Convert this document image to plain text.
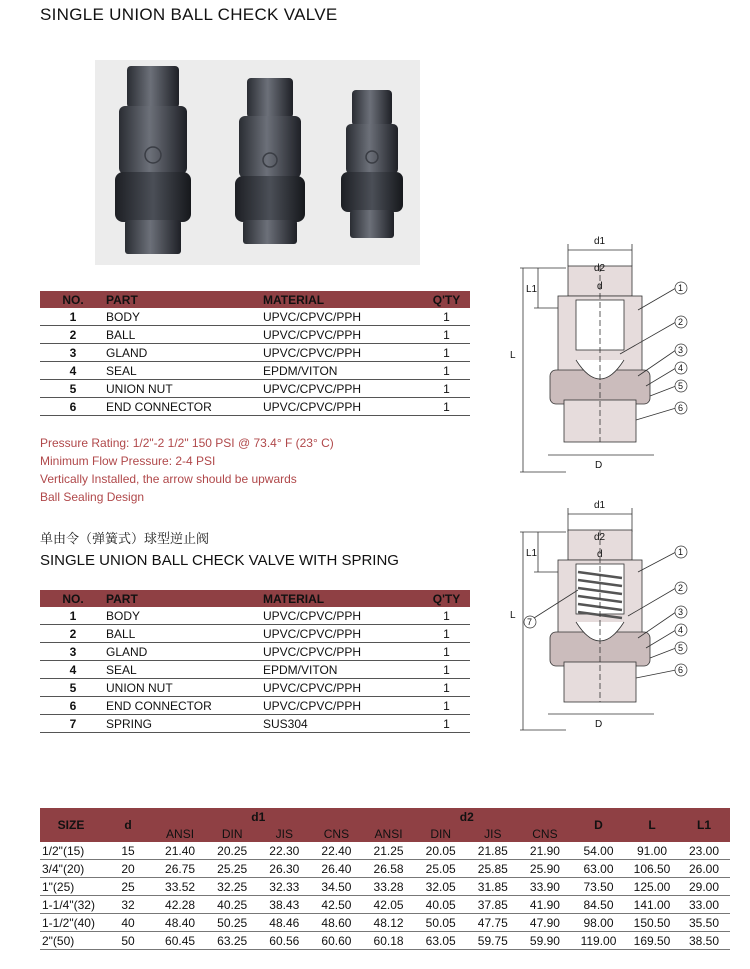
SINGLE UNION BALL CHECK VALVE
NO.	PART	MATERIAL	Q'TY
1	BODY	UPVC/CPVC/PPH	1
2	BALL	UPVC/CPVC/PPH	1
3	GLAND	UPVC/CPVC/PPH	1
4	SEAL	EPDM/VITON	1
5	UNION NUT	UPVC/CPVC/PPH	1
6	END CONNECTOR	UPVC/CPVC/PPH	1
Pressure Rating: 1/2"-2 1/2" 150 PSI @ 73.4° F (23° C)
Minimum Flow Pressure: 2-4 PSI
Vertically Installed, the arrow should be upwards
Ball Sealing Design
单由令（弹簧式）球型逆止阀
SINGLE UNION BALL CHECK VALVE WITH SPRING
NO.	PART	MATERIAL	Q'TY
1	BODY	UPVC/CPVC/PPH	1
2	BALL	UPVC/CPVC/PPH	1
3	GLAND	UPVC/CPVC/PPH	1
4	SEAL	EPDM/VITON	1
5	UNION NUT	UPVC/CPVC/PPH	1
6	END CONNECTOR	UPVC/CPVC/PPH	1
7	SPRING	SUS304	1
d1
d2
d
L1
L
D
1
2
3
4
5
6
d1
d2
d
L1
L
D
1
2
3
4
5
6
7
SIZE	d	d1				d2				D	L	L1
		ANSI	DIN	JIS	CNS	ANSI	DIN	JIS	CNS			
1/2"(15)	15	21.40	20.25	22.30	22.40	21.25	20.05	21.85	21.90	54.00	91.00	23.00
3/4"(20)	20	26.75	25.25	26.30	26.40	26.58	25.05	25.85	25.90	63.00	106.50	26.00
1"(25)	25	33.52	32.25	32.33	34.50	33.28	32.05	31.85	33.90	73.50	125.00	29.00
1-1/4"(32)	32	42.28	40.25	38.43	42.50	42.05	40.05	37.85	41.90	84.50	141.00	33.00
1-1/2"(40)	40	48.40	50.25	48.46	48.60	48.12	50.05	47.75	47.90	98.00	150.50	35.50
2"(50)	50	60.45	63.25	60.56	60.60	60.18	63.05	59.75	59.90	119.00	169.50	38.50
